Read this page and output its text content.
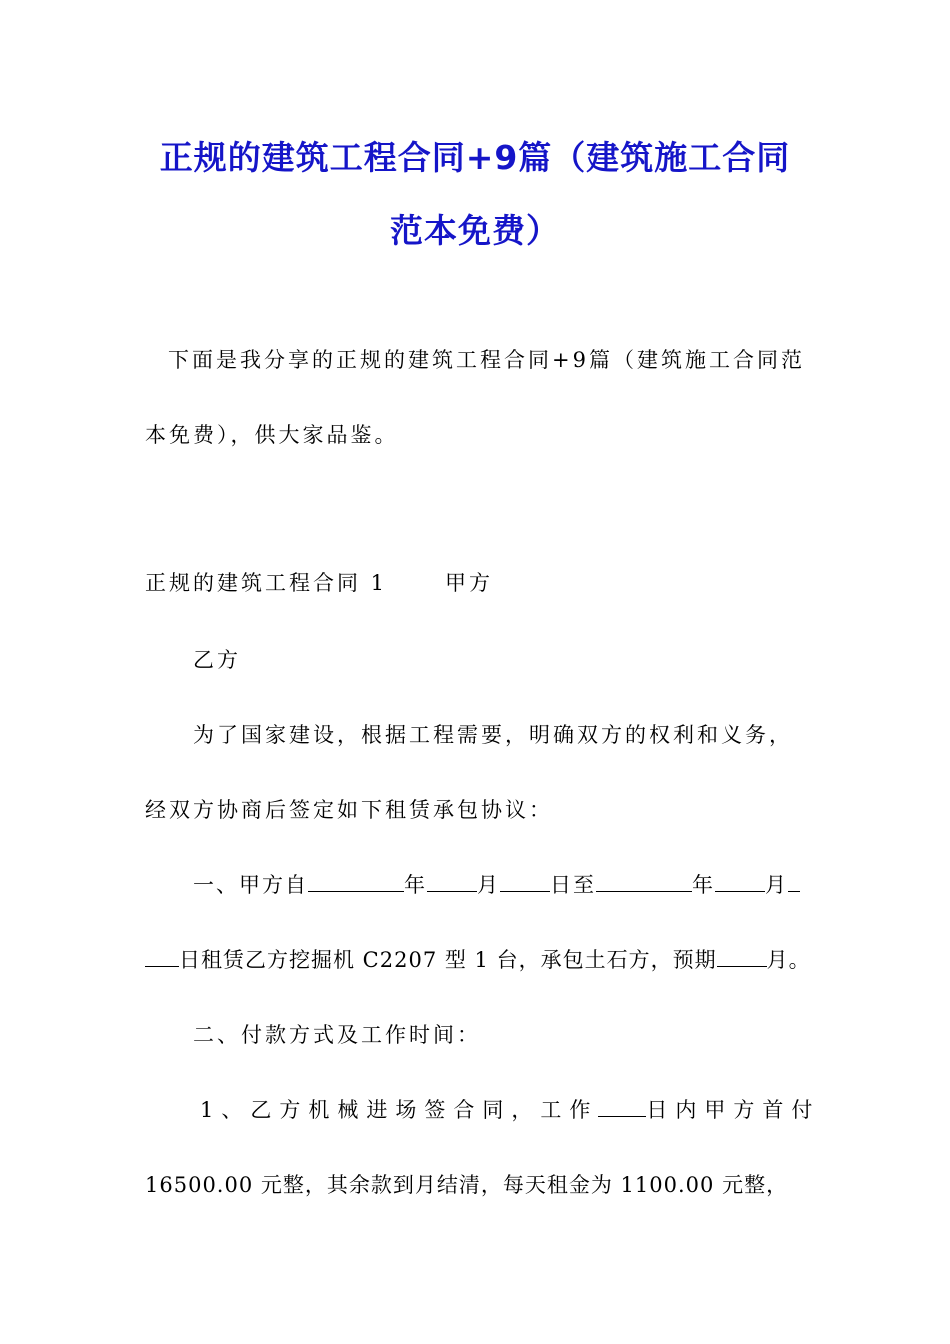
正规的建筑工程合同+9篇（建筑施工合同
范本免费）
下面是我分享的正规的建筑工程合同+9篇（建筑施工合同范
本免费），供大家品鉴。
正规的建筑工程合同 1	甲方
乙方
为了国家建设，根据工程需要，明确双方的权利和义务，
经双方协商后签定如下租赁承包协议：
一、甲方自	年 月 日至	年 月
日租赁乙方挖掘机 C2207 型 1 台，承包土石方，预期 月。
二、付款方式及工作时间：
1、乙方机械进场签合同，工作 日内甲方首付
16500.00 元整，其余款到月结清，每天租金为 1100.00 元整，
